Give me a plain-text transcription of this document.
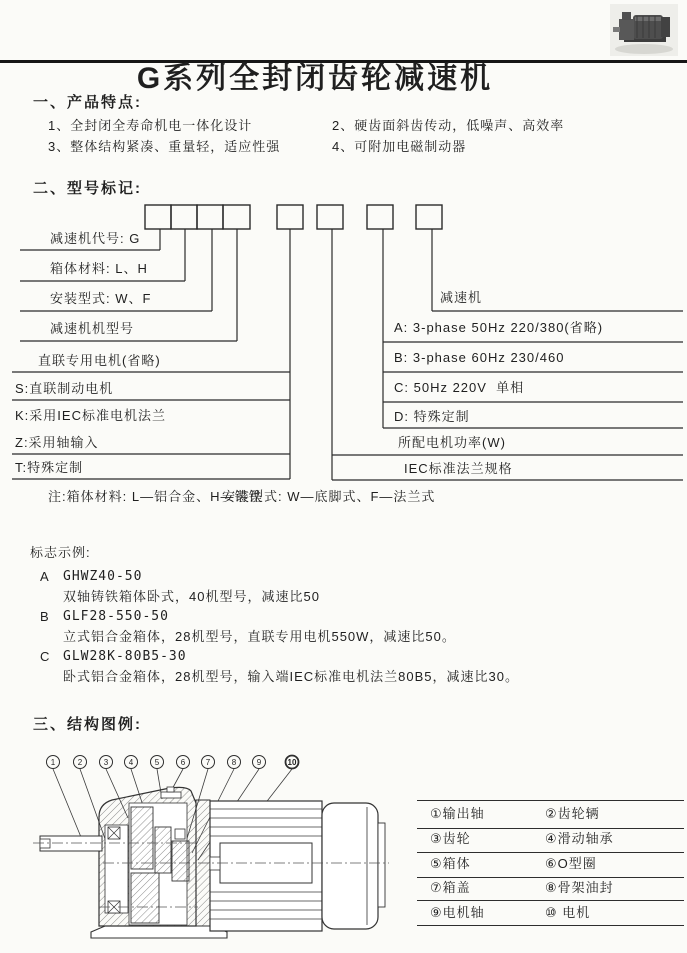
G系列全封闭齿轮减速机
一、产品特点:
1、全封闭全寿命机电一体化设计	2、硬齿面斜齿传动，低噪声、高效率
3、整体结构紧凑、重量轻，适应性强	4、可附加电磁制动器
二、型号标记:
减速机代号: G
箱体材料: L、H
安装型式: W、F
减速机机型号
直联专用电机(省略)
S:直联制动电机
K:采用IEC标准电机法兰
Z:采用轴输入
T:特殊定制
减速机
A: 3-phase 50Hz 220/380(省略)
B: 3-phase 60Hz 230/460
C: 50Hz 220V  单相
D: 特殊定制
所配电机功率(W)
IEC标准法兰规格
注:箱体材料: L—铝合金、H—铸铁
安装型式: W—底脚式、F—法兰式
标志示例:
A GHWZ40-50
双轴铸铁箱体卧式，40机型号，减速比50
B GLF28-550-50
立式铝合金箱体，28机型号，直联专用电机550W，减速比50。
C GLW28K-80B5-30
卧式铝合金箱体，28机型号，输入端IEC标准电机法兰80B5，减速比30。
三、结构图例:
1	2	3	4	5	6	7	8	9	10
①输出轴	②齿轮辆
③齿轮	④滑动轴承
⑤箱体	⑥O型圈
⑦箱盖	⑧骨架油封
⑨电机轴	⑩ 电机
